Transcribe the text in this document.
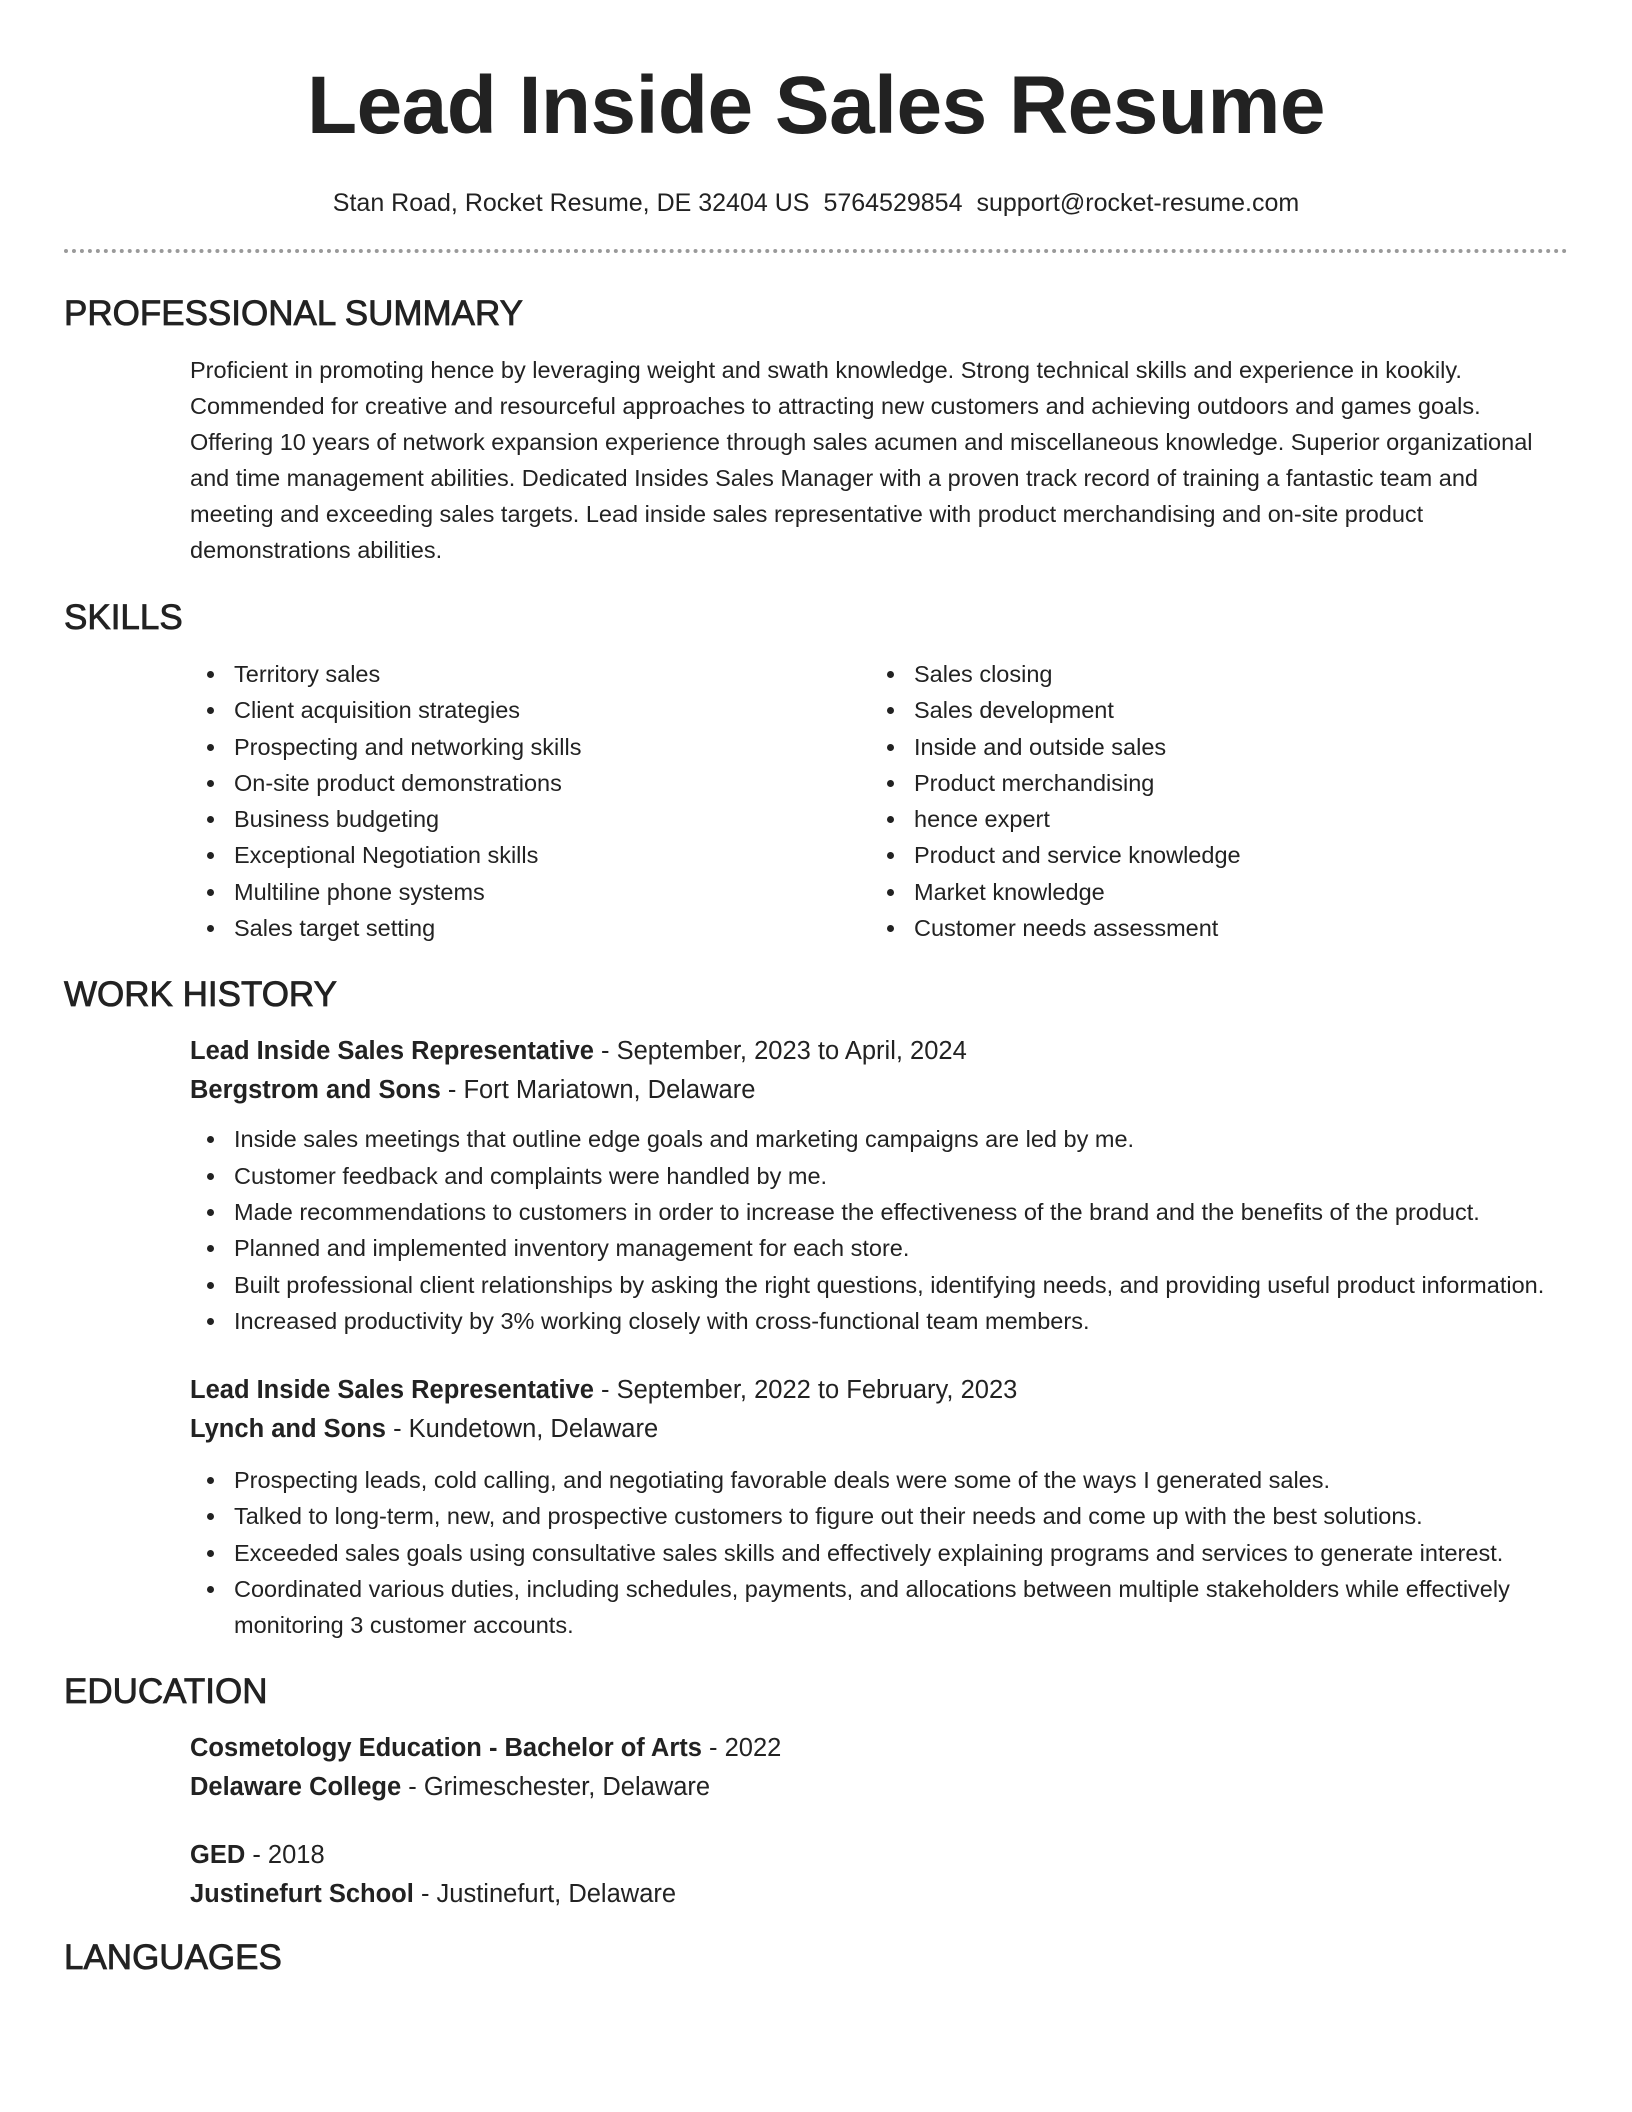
Lead Inside Sales Resume
Stan Road, Rocket Resume, DE 32404 US 5764529854 support@rocket-resume.com
PROFESSIONAL SUMMARY

Proficient in promoting hence by leveraging weight and swath knowledge. Strong technical skills and experience in kookily. Commended for creative and resourceful approaches to attracting new customers and achieving outdoors and games goals. Offering 10 years of network expansion experience through sales acumen and miscellaneous knowledge. Superior organizational and time management abilities. Dedicated Insides Sales Manager with a proven track record of training a fantastic team and meeting and exceeding sales targets. Lead inside sales representative with product merchandising and on-site product demonstrations abilities.

SKILLS
Territory sales
Client acquisition strategies
Prospecting and networking skills
On-site product demonstrations
Business budgeting
Exceptional Negotiation skills
Multiline phone systems
Sales target setting
Sales closing
Sales development
Inside and outside sales
Product merchandising
hence expert
Product and service knowledge
Market knowledge
Customer needs assessment
WORK HISTORY
Lead Inside Sales Representative - September, 2023 to April, 2024
Bergstrom and Sons - Fort Mariatown, Delaware
Inside sales meetings that outline edge goals and marketing campaigns are led by me.
Customer feedback and complaints were handled by me.
Made recommendations to customers in order to increase the effectiveness of the brand and the benefits of the product.
Planned and implemented inventory management for each store.
Built professional client relationships by asking the right questions, identifying needs, and providing useful product information.
Increased productivity by 3% working closely with cross-functional team members.
Lead Inside Sales Representative - September, 2022 to February, 2023
Lynch and Sons - Kundetown, Delaware
Prospecting leads, cold calling, and negotiating favorable deals were some of the ways I generated sales.
Talked to long-term, new, and prospective customers to figure out their needs and come up with the best solutions.
Exceeded sales goals using consultative sales skills and effectively explaining programs and services to generate interest.
Coordinated various duties, including schedules, payments, and allocations between multiple stakeholders while effectively monitoring 3 customer accounts.
EDUCATION
Cosmetology Education - Bachelor of Arts - 2022
Delaware College - Grimeschester, Delaware
GED - 2018
Justinefurt School - Justinefurt, Delaware
LANGUAGES
